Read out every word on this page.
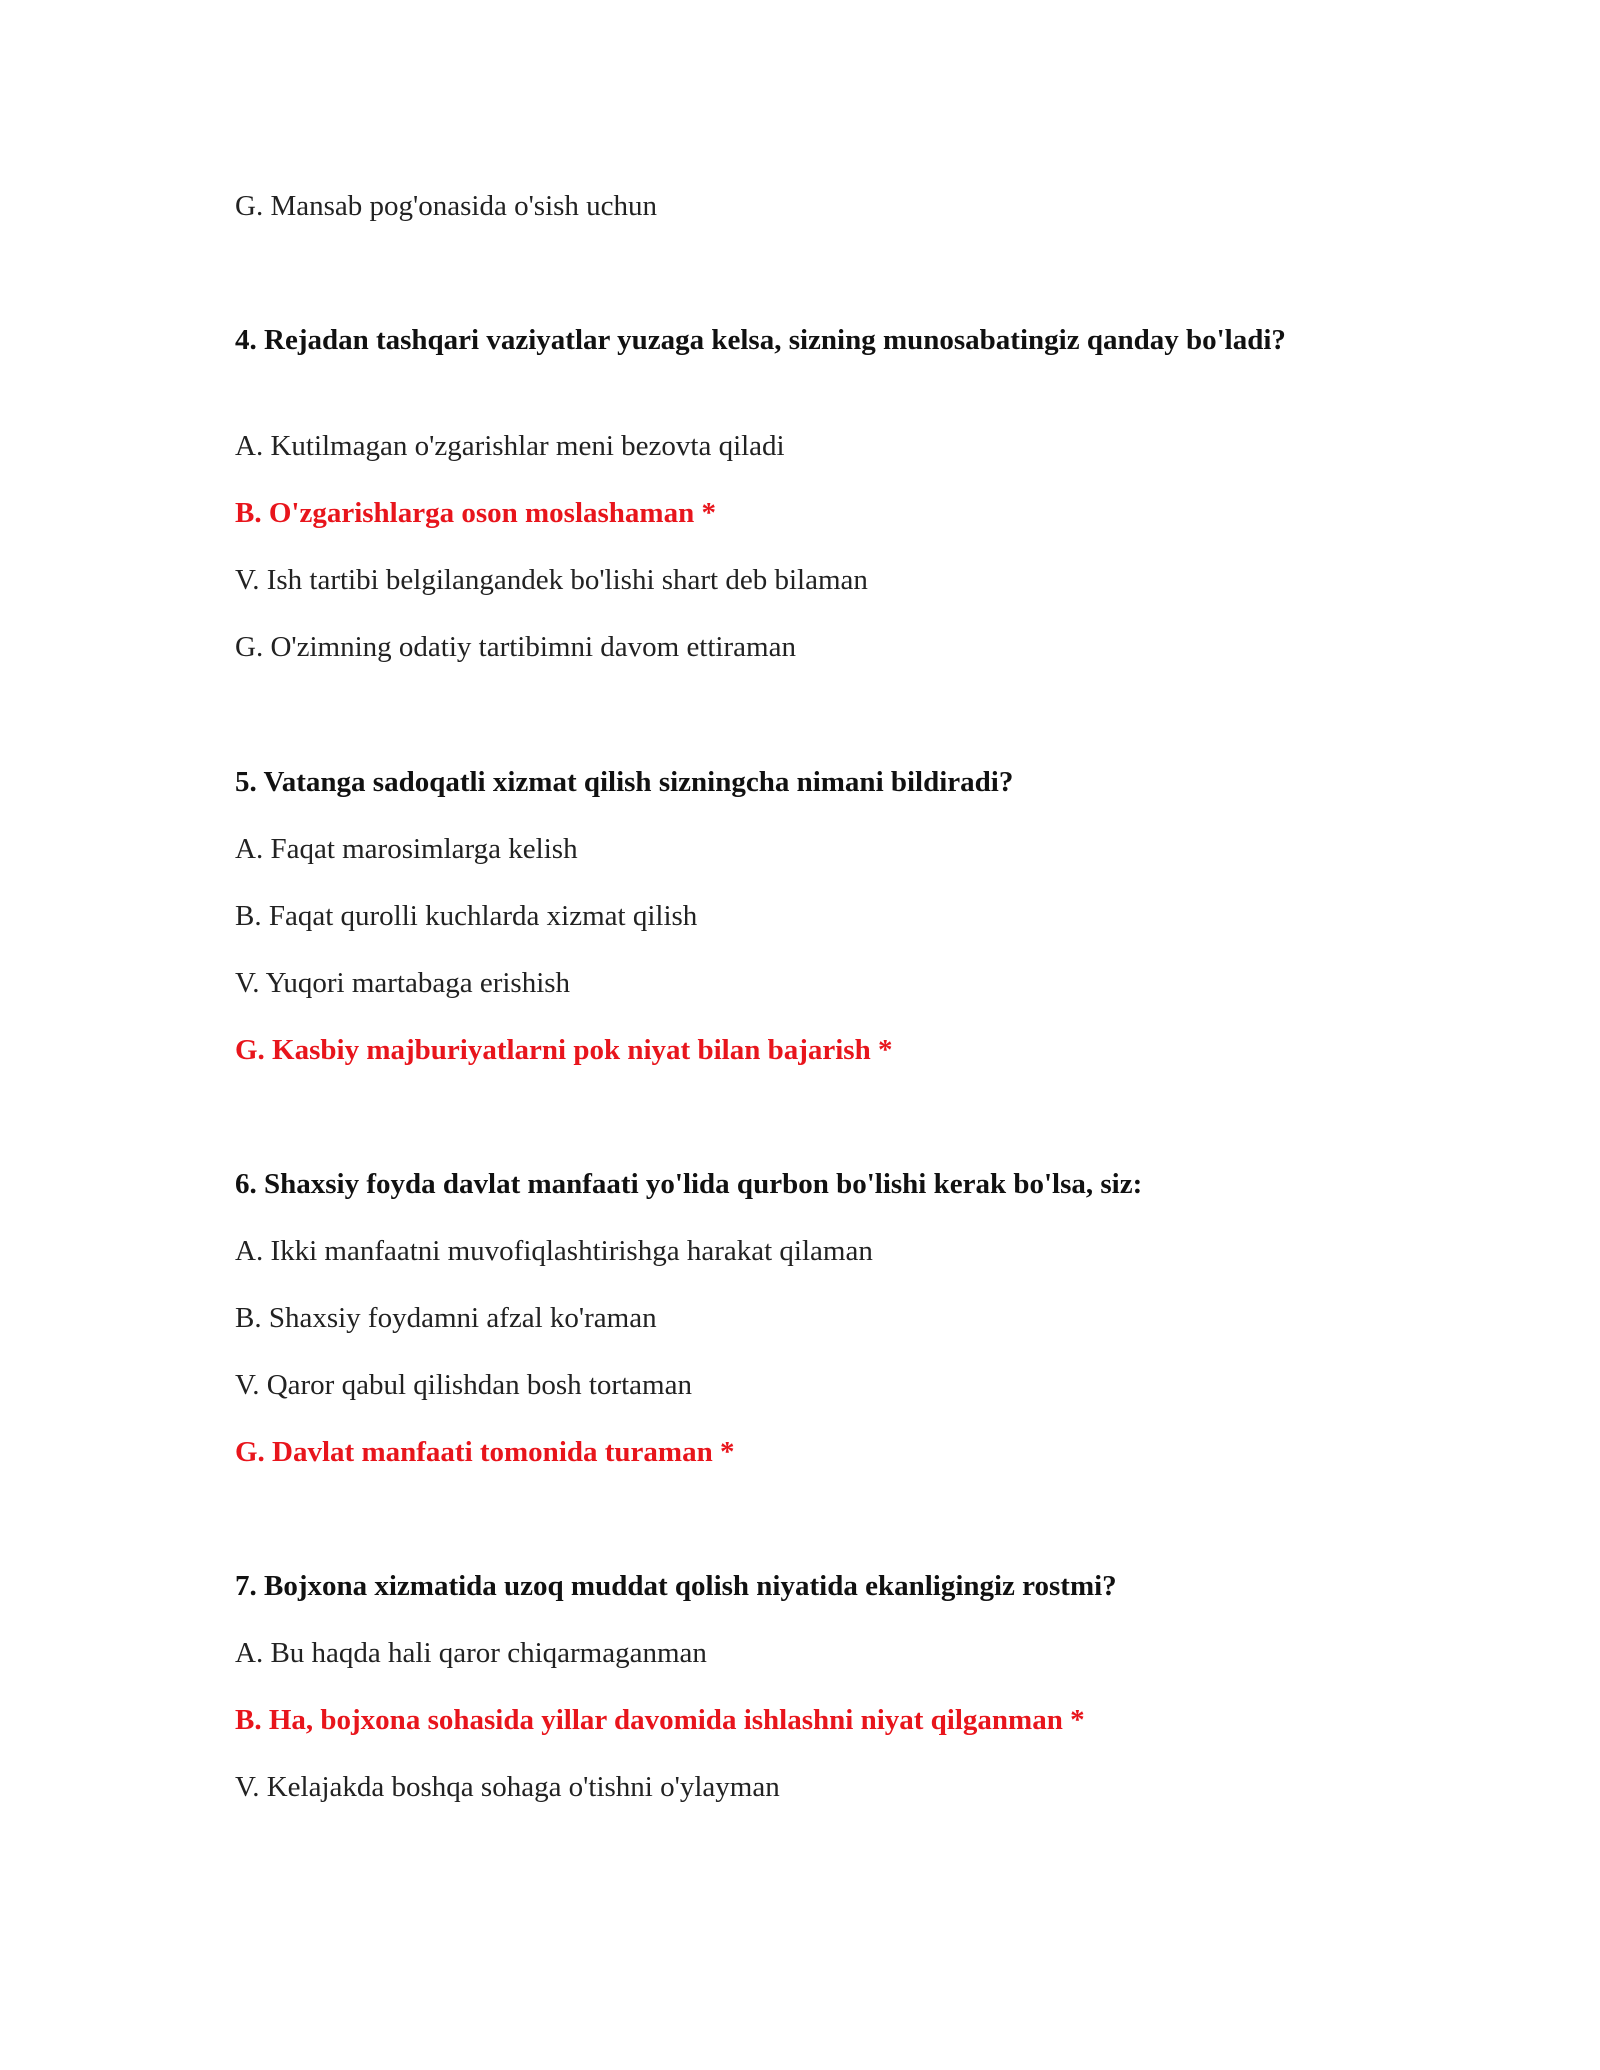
G. Mansab pog'onasida o'sish uchun
4. Rejadan tashqari vaziyatlar yuzaga kelsa, sizning munosabatingiz qanday bo'ladi?
A. Kutilmagan o'zgarishlar meni bezovta qiladi
B. O'zgarishlarga oson moslashaman *
V. Ish tartibi belgilangandek bo'lishi shart deb bilaman
G. O'zimning odatiy tartibimni davom ettiraman
5. Vatanga sadoqatli xizmat qilish sizningcha nimani bildiradi?
A. Faqat marosimlarga kelish
B. Faqat qurolli kuchlarda xizmat qilish
V. Yuqori martabaga erishish
G. Kasbiy majburiyatlarni pok niyat bilan bajarish *
6. Shaxsiy foyda davlat manfaati yo'lida qurbon bo'lishi kerak bo'lsa, siz:
A. Ikki manfaatni muvofiqlashtirishga harakat qilaman
B. Shaxsiy foydamni afzal ko'raman
V. Qaror qabul qilishdan bosh tortaman
G. Davlat manfaati tomonida turaman *
7. Bojxona xizmatida uzoq muddat qolish niyatida ekanligingiz rostmi?
A. Bu haqda hali qaror chiqarmaganman
B. Ha, bojxona sohasida yillar davomida ishlashni niyat qilganman *
V. Kelajakda boshqa sohaga o'tishni o'ylayman
